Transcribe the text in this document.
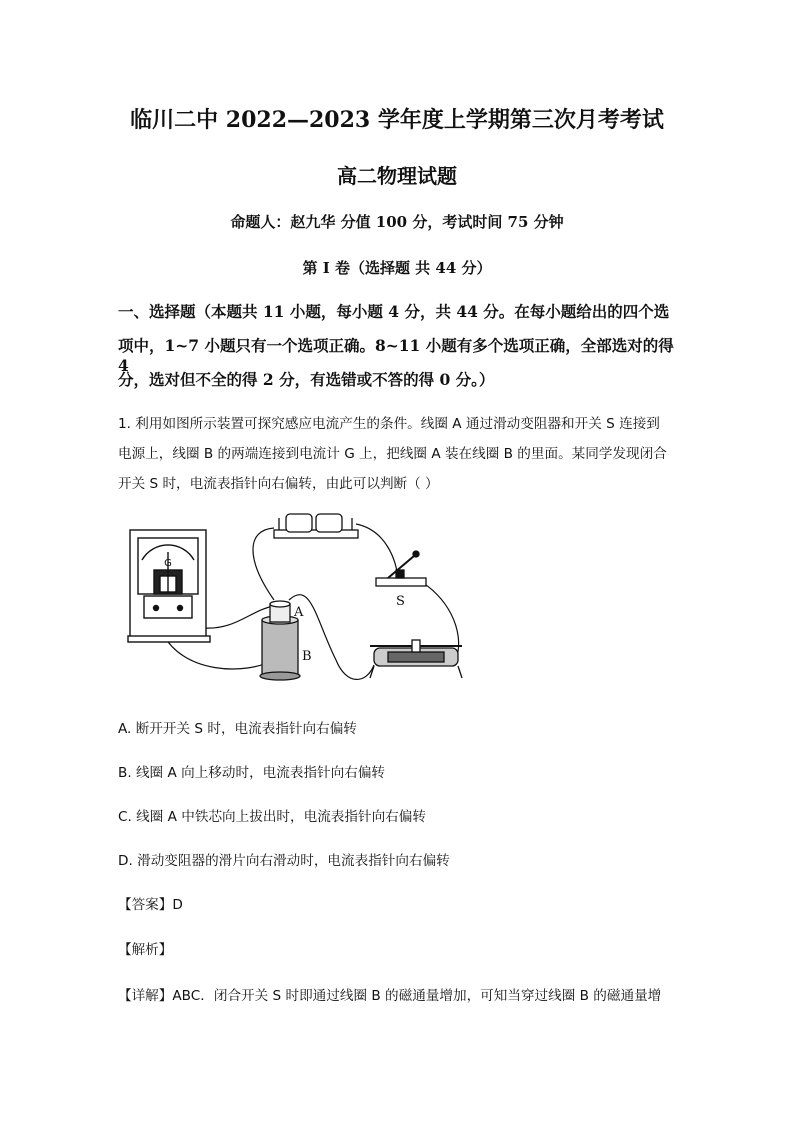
临川二中 2022—2023 学年度上学期第三次月考考试
高二物理试题
命题人：赵九华 分值 100 分，考试时间 75 分钟
第 I 卷（选择题 共 44 分）
一、选择题（本题共 11 小题，每小题 4 分，共 44 分。在每小题给出的四个选
项中，1~7 小题只有一个选项正确。8~11 小题有多个选项正确，全部选对的得 4
分，选对但不全的得 2 分，有选错或不答的得 0 分。）
1. 利用如图所示装置可探究感应电流产生的条件。线圈 A 通过滑动变阻器和开关 S 连接到
电源上，线圈 B 的两端连接到电流计 G 上，把线圈 A 装在线圈 B 的里面。某同学发现闭合
开关 S 时，电流表指针向右偏转，由此可以判断（ ）
G
S
A
B
A. 断开开关 S 时，电流表指针向右偏转
B. 线圈 A 向上移动时，电流表指针向右偏转
C. 线圈 A 中铁芯向上拔出时，电流表指针向右偏转
D. 滑动变阻器的滑片向右滑动时，电流表指针向右偏转
【答案】D
【解析】
【详解】ABC．闭合开关 S 时即通过线圈 B 的磁通量增加，可知当穿过线圈 B 的磁通量增
